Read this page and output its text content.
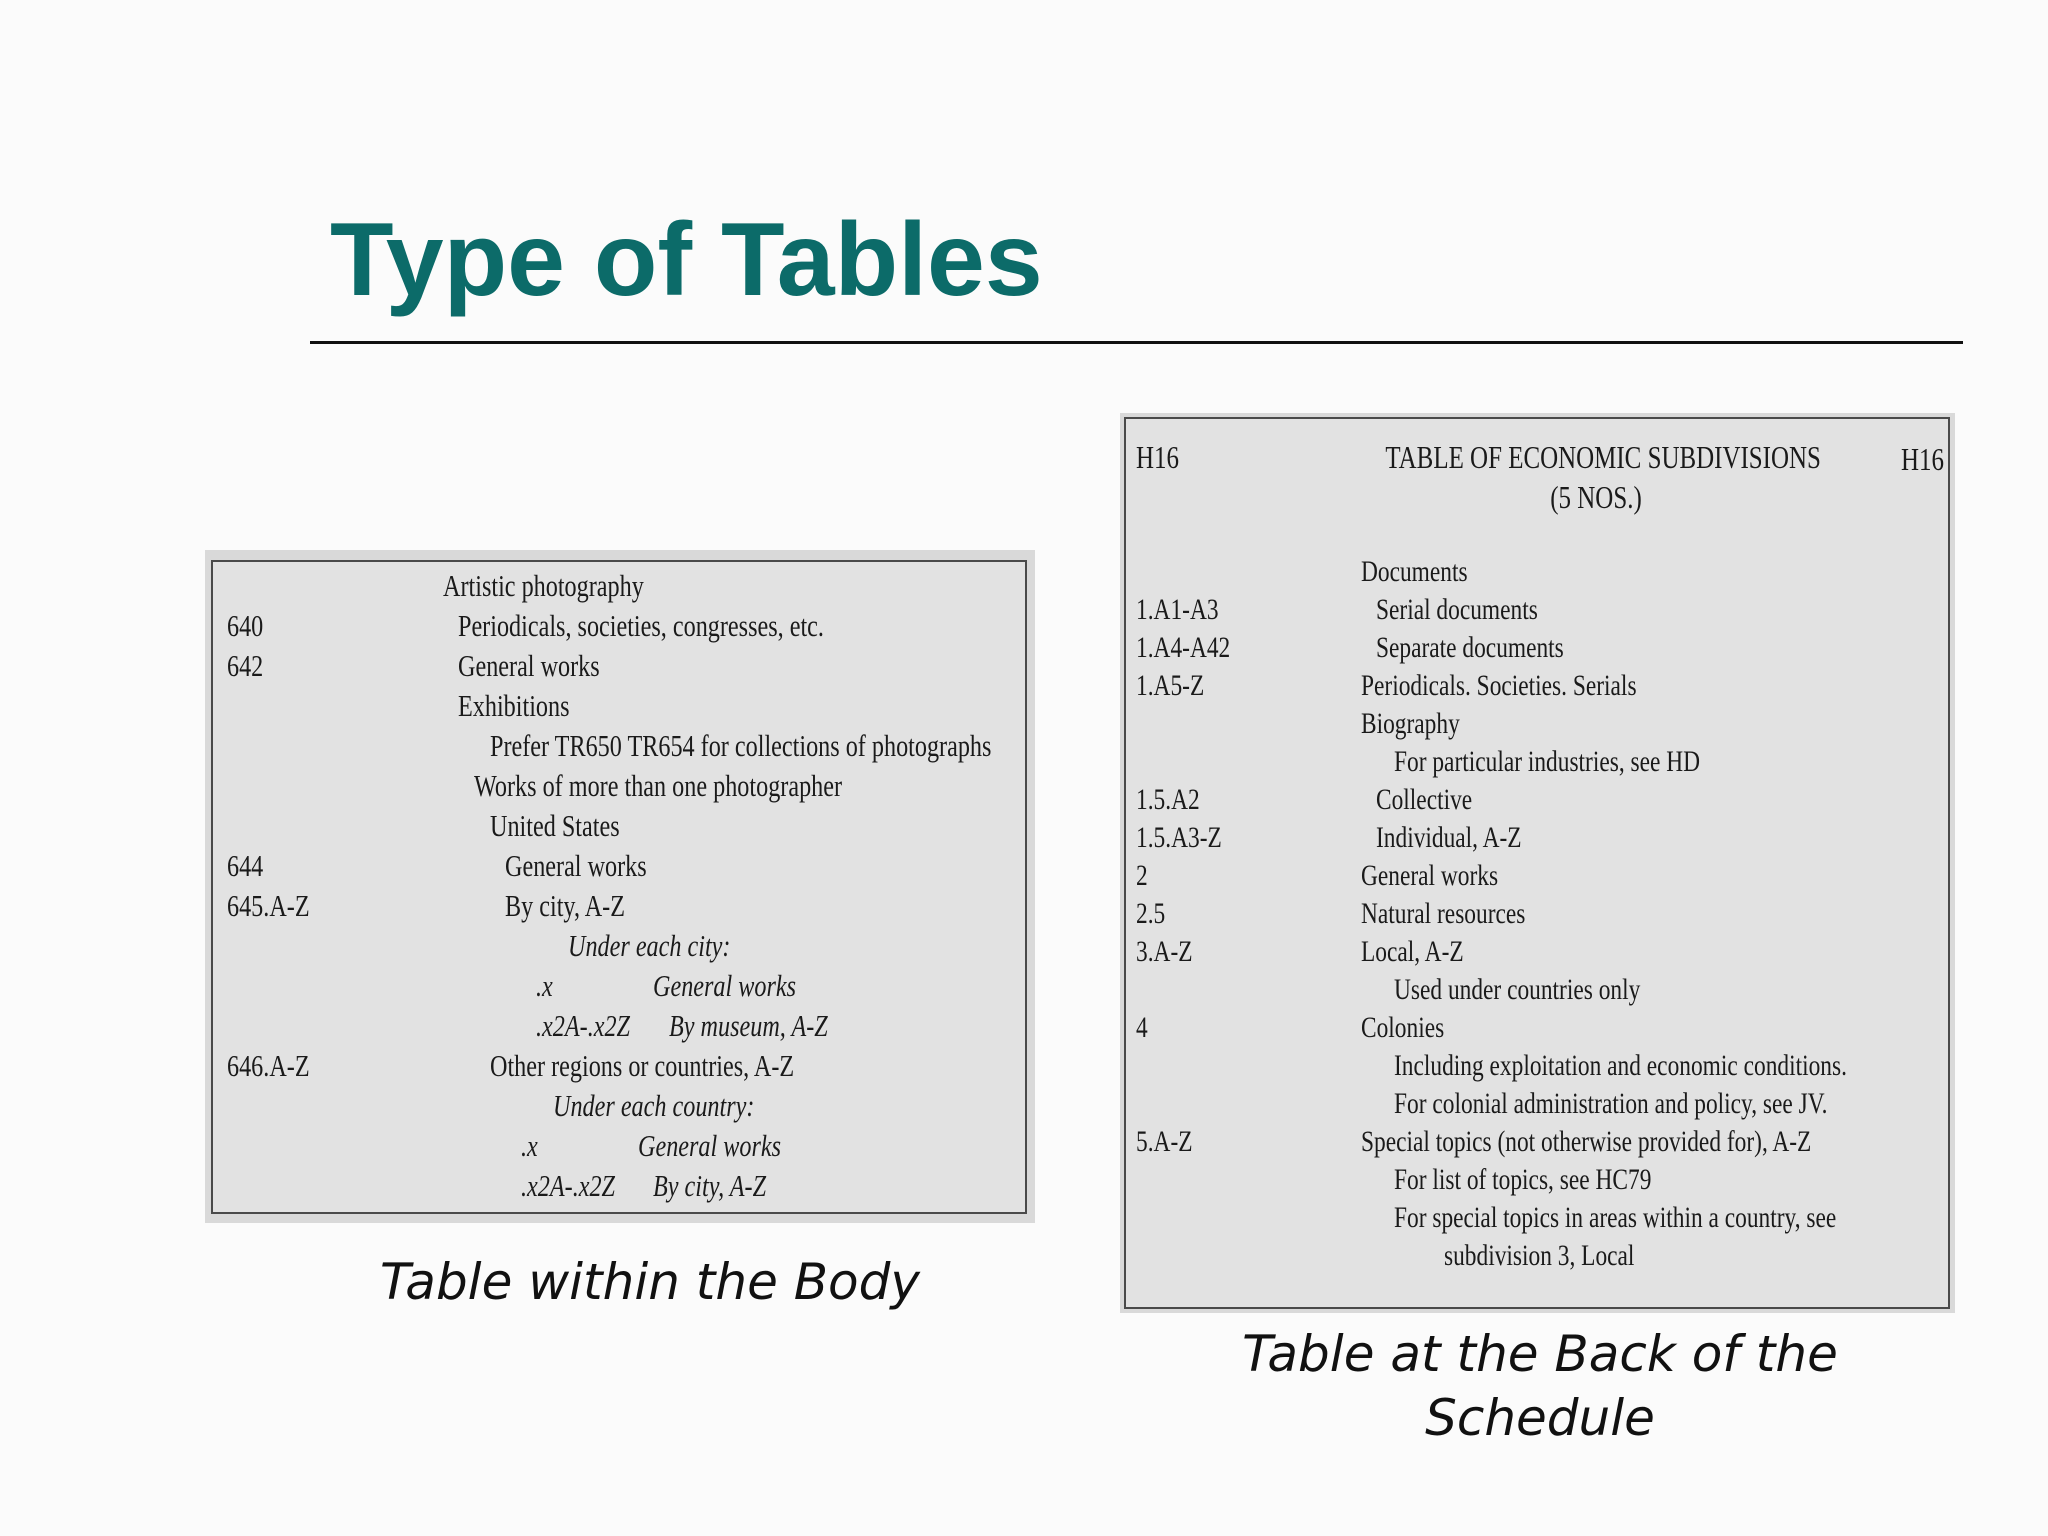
Type of Tables
Artistic photography
640	Periodicals, societies, congresses, etc.
642	General works
Exhibitions
Prefer TR650 TR654 for collections of photographs
Works of more than one photographer
United States
644	General works
645.A-Z	By city, A-Z
Under each city:
.x	General works
.x2A-.x2Z By museum, A-Z
646.A-Z	Other regions or countries, A-Z
Under each country:
.x	General works
.x2A-.x2Z By city, A-Z
H16	TABLE OF ECONOMIC SUBDIVISIONS
(5 NOS.)
H16
Documents
1.A1-A3	Serial documents
1.A4-A42	Separate documents
1.A5-Z	Periodicals. Societies. Serials
Biography
For particular industries, see HD
1.5.A2	Collective
1.5.A3-Z	Individual, A-Z
2	General works
2.5	Natural resources
3.A-Z	Local, A-Z
Used under countries only
4	Colonies
Including exploitation and economic conditions.
For colonial administration and policy, see JV.
5.A-Z	Special topics (not otherwise provided for), A-Z
For list of topics, see HC79
For special topics in areas within a country, see
subdivision 3, Local
Table within the Body
Table at the Back of the Schedule
